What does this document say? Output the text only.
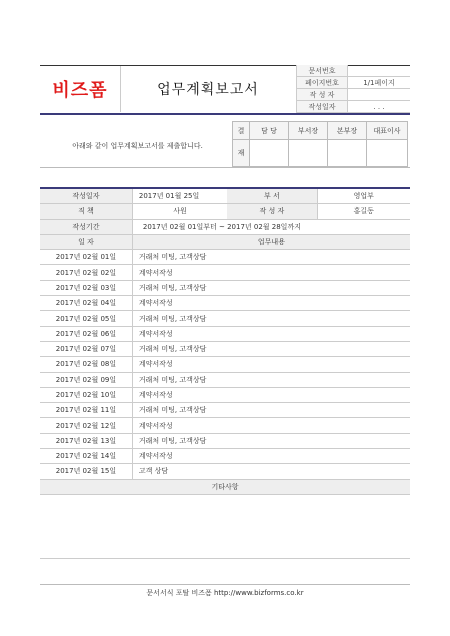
비즈폼	업무계획보고서
문서번호	
페이지번호	1/1페이지
작 성 자	
작성일자	. . .
아래와 같이 업무계획보고서를 제출합니다.
결	담 당	부서장	본부장	대표이사
재				
작성일자	2017년 01월 25일	부 서	영업부
직 책	사원	작 성 자	홍길동
작성기간	2017년 02월 01일부터 ~ 2017년 02월 28일까지		
일 자	업무내용		
2017년 02월 01일	거래처 미팅, 고객상담		
2017년 02월 02일	계약서작성		
2017년 02월 03일	거래처 미팅, 고객상담		
2017년 02월 04일	계약서작성		
2017년 02월 05일	거래처 미팅, 고객상담		
2017년 02월 06일	계약서작성		
2017년 02월 07일	거래처 미팅, 고객상담		
2017년 02월 08일	계약서작성		
2017년 02월 09일	거래처 미팅, 고객상담		
2017년 02월 10일	계약서작성		
2017년 02월 11일	거래처 미팅, 고객상담		
2017년 02월 12일	계약서작성		
2017년 02월 13일	거래처 미팅, 고객상담		
2017년 02월 14일	계약서작성		
2017년 02월 15일	고객 상담		
기타사항			
문서서식 포탈 비즈폼 http://www.bizforms.co.kr
